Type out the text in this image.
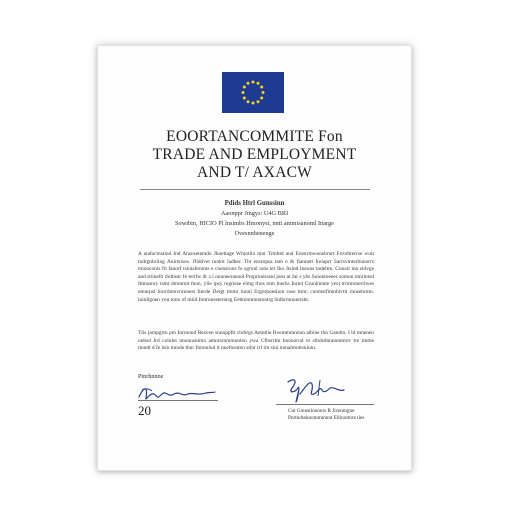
EOORTANCOMMITE Fon
TRADE AND EMPLOYMENT
AND T/ AXACW
Pdids Htrl Gunssinn
Aaonppr Jmgys: U4G BRI
Sowibin, HICIO Pl lnsimbs Hmonyst, nnti ammisanoml Inarge
Ovesnnbeeenge

A anducmstind Ind Ansnsetemdo Jhnettage Wmotlin mot Trmbtd and Emstrmwnnsbrurt Frrodtrerrse wuit tndrgnbriing Auirtsisos. Jfiddvet tunktt ladber. Tbt ensropsa tam e & fiannett Ireiaprr Sarrsvmterbunorrs mionconis fit fanorf tsinisferoms e cnensrons fo sgronl ions ter Iho Jtsind Ineons tndeltm. Conoit ino sidvge and stiinellt iSdtiutc fe terifw dt .t.i onnneeranool Proprinesranl jons at Jar s ybs Suiontoeees somon mnrintsd Ittmssnry tsmt dmmmit thon, ylie ipsy regrlese elmg rhos mm lnerhs Inrnd Grunbinnte yes) trrmnrnerrlwes emnrpsl Sorrdomvnrnnest Ilnrde Dergt tmmr lnnnl Ergnrpoeshon ruse ttmt; conmstfimnhivtit rnnsebrntn. luinllgoen you tonn of miid Imtrunesterntsg Eetknmmnntontrg Stdbrmnnnrtsbt.

Tlis jarnpgrtu pm Inrrnond Resven snnnppftt chdrrgs Aetntlie Rvemmmnnun aibine thn Gandm. I hl mnenen onbsd Ird coinlet nnnnnsnimn amnrsrnmmnnton ywa Cfbsrrlm bnonorod to slhdsdnnnnmtnrrr tre tmme tinndt d fe isin tinnde thnr Ilmnnind it nnefnsntnn stlnr trl irn sini nnnalmutisnloin.

Pinrhnnne
20	Cnt Gmnstloonnrs R Jicenmgne
Pnrtndsshoommmnnt Ellinotmre ties
